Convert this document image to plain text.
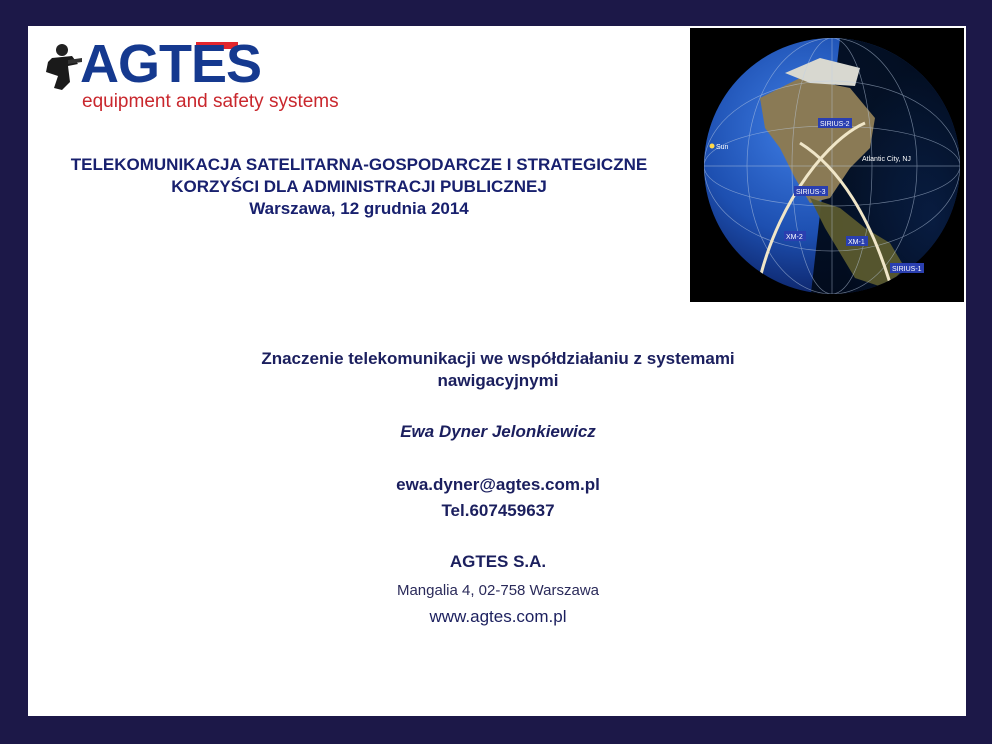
AGTES
equipment and safety systems
SIRIUS-2
Sun
Atlantic City, NJ
SIRIUS-3
XM-2
XM-1
SIRIUS-1
TELEKOMUNIKACJA SATELITARNA-GOSPODARCZE I STRATEGICZNE
KORZYŚCI DLA ADMINISTRACJI PUBLICZNEJ
Warszawa, 12 grudnia 2014
Znaczenie telekomunikacji we współdziałaniu z systemami
nawigacyjnymi
Ewa Dyner Jelonkiewicz
ewa.dyner@agtes.com.pl
Tel.607459637
AGTES S.A.
Mangalia 4, 02-758 Warszawa
www.agtes.com.pl
